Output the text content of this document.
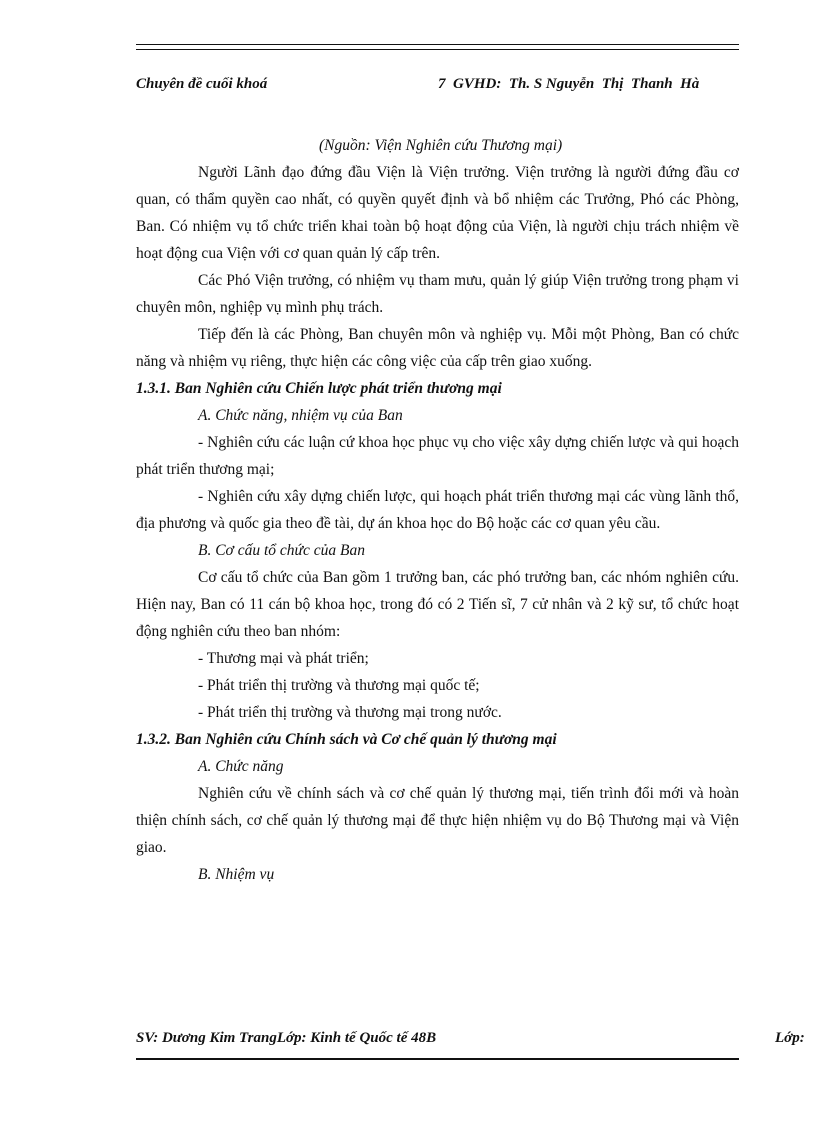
Chuyên đề cuối khoá	7  GVHD:  Th. S Nguyễn  Thị  Thanh  Hà

(Nguồn: Viện Nghiên cứu Thương mại)

Người Lãnh đạo đứng đầu Viện là Viện trưởng. Viện trưởng là người đứng đầu cơ quan, có thẩm quyền cao nhất, có quyền quyết định và bổ nhiệm các Trưởng, Phó các Phòng, Ban. Có nhiệm vụ tổ chức triển khai toàn bộ hoạt động của Viện, là người chịu trách nhiệm về hoạt động cua Viện với cơ quan quản lý cấp trên.

Các Phó Viện trưởng, có nhiệm vụ tham mưu, quản lý giúp Viện trưởng trong phạm vi chuyên môn, nghiệp vụ mình phụ trách.

Tiếp đến là các Phòng, Ban chuyên môn và nghiệp vụ. Mỗi một Phòng, Ban có chức năng và nhiệm vụ riêng, thực hiện các công việc của cấp trên giao xuống.

1.3.1. Ban Nghiên cứu Chiến lược phát triển thương mại

A. Chức năng, nhiệm vụ của Ban

- Nghiên cứu các luận cứ khoa học phục vụ cho việc xây dựng chiến lược và qui hoạch phát triển thương mại;

- Nghiên cứu xây dựng chiến lược, qui hoạch phát triển thương mại các vùng lãnh thổ, địa phương và quốc gia theo đề tài, dự án khoa học do Bộ hoặc các cơ quan yêu cầu.

B. Cơ cấu tổ chức của Ban

Cơ cấu tổ chức của Ban gồm 1 trưởng ban, các phó trưởng ban, các nhóm nghiên cứu. Hiện nay, Ban có 11 cán bộ khoa học, trong đó có 2 Tiến sĩ, 7 cử nhân và 2 kỹ sư, tổ chức hoạt động nghiên cứu theo ban nhóm:

- Thương mại và phát triển;

- Phát triển thị trường và thương mại quốc tế;

- Phát triển thị trường và thương mại trong nước.

1.3.2. Ban Nghiên cứu Chính sách và Cơ chế quản lý thương mại

A. Chức năng

Nghiên cứu về chính sách và cơ chế quản lý thương mại, tiến trình đổi mới và hoàn thiện chính sách, cơ chế quản lý thương mại để thực hiện nhiệm vụ do Bộ Thương mại và Viện giao.

B. Nhiệm vụ

SV: Dương Kim TrangLớp: Kinh tế Quốc tế 48B	Lớp:
